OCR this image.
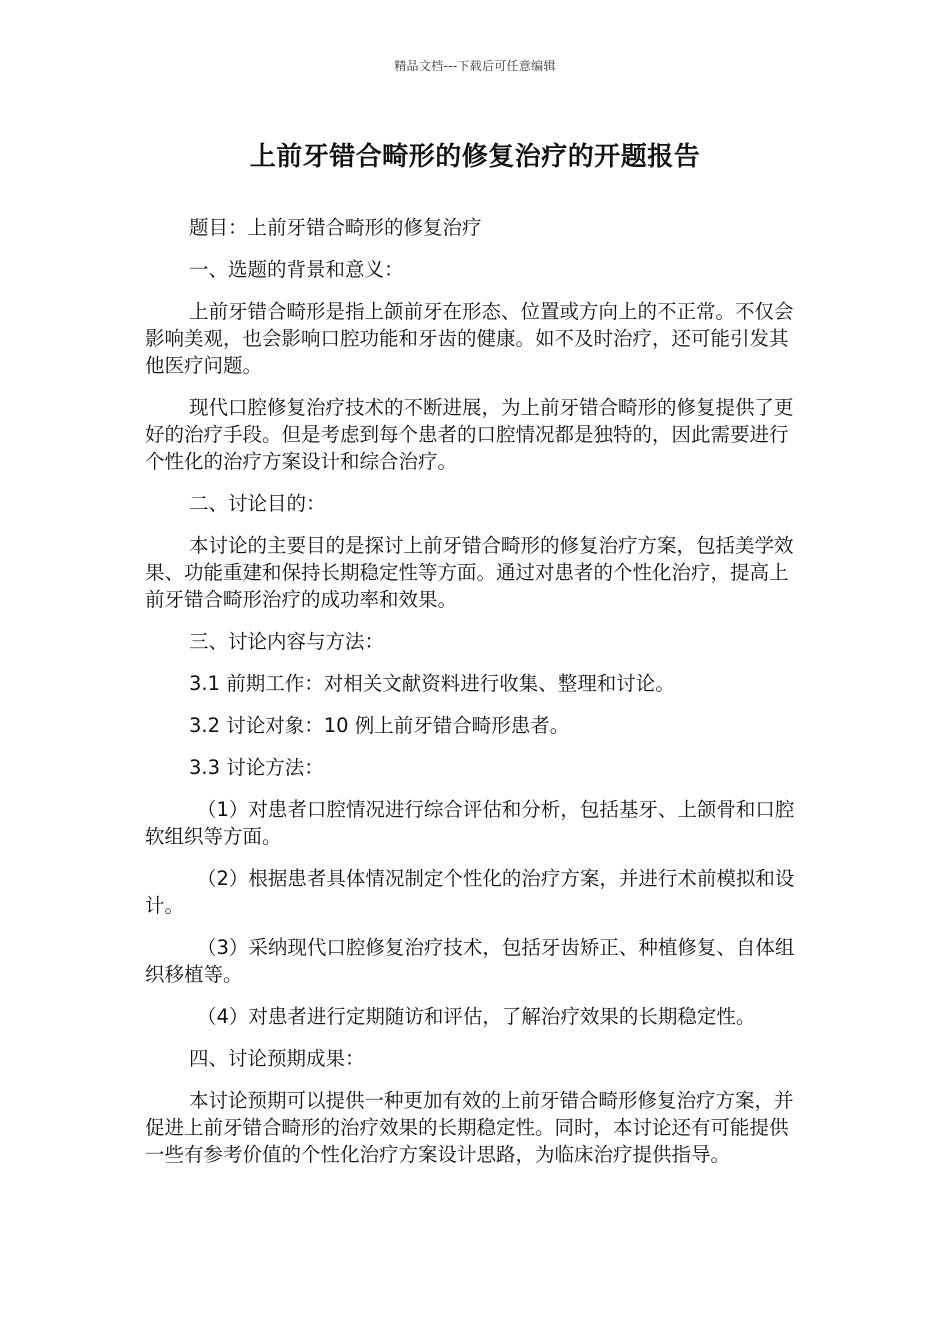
精品文档---下载后可任意编辑
上前牙错合畸形的修复治疗的开题报告

题目：上前牙错合畸形的修复治疗

一、选题的背景和意义：

上前牙错合畸形是指上颌前牙在形态、位置或方向上的不正常。不仅会影响美观，也会影响口腔功能和牙齿的健康。如不及时治疗，还可能引发其他医疗问题。

现代口腔修复治疗技术的不断进展，为上前牙错合畸形的修复提供了更好的治疗手段。但是考虑到每个患者的口腔情况都是独特的，因此需要进行个性化的治疗方案设计和综合治疗。

二、讨论目的：

本讨论的主要目的是探讨上前牙错合畸形的修复治疗方案，包括美学效果、功能重建和保持长期稳定性等方面。通过对患者的个性化治疗，提高上前牙错合畸形治疗的成功率和效果。

三、讨论内容与方法：

3.1 前期工作：对相关文献资料进行收集、整理和讨论。

3.2 讨论对象：10 例上前牙错合畸形患者。

3.3 讨论方法：

（1）对患者口腔情况进行综合评估和分析，包括基牙、上颌骨和口腔软组织等方面。

（2）根据患者具体情况制定个性化的治疗方案，并进行术前模拟和设计。

（3）采纳现代口腔修复治疗技术，包括牙齿矫正、种植修复、自体组织移植等。

（4）对患者进行定期随访和评估，了解治疗效果的长期稳定性。

四、讨论预期成果：

本讨论预期可以提供一种更加有效的上前牙错合畸形修复治疗方案，并促进上前牙错合畸形的治疗效果的长期稳定性。同时，本讨论还有可能提供一些有参考价值的个性化治疗方案设计思路，为临床治疗提供指导。
